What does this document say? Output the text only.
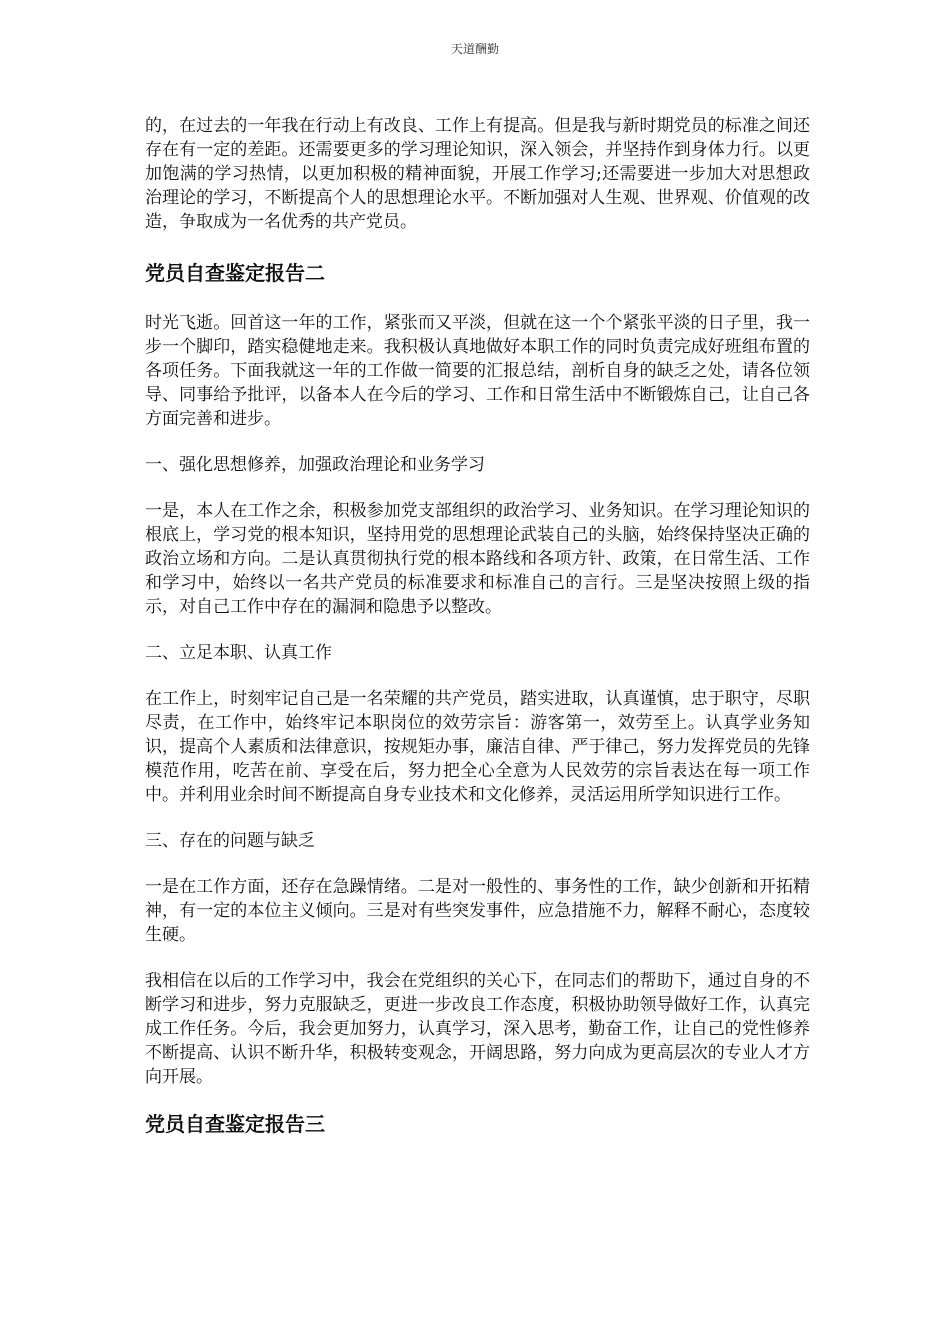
天道酬勤

的，在过去的一年我在行动上有改良、工作上有提高。但是我与新时期党员的标准之间还存在有一定的差距。还需要更多的学习理论知识，深入领会，并坚持作到身体力行。以更加饱满的学习热情，以更加积极的精神面貌，开展工作学习;还需要进一步加大对思想政治理论的学习，不断提高个人的思想理论水平。不断加强对人生观、世界观、价值观的改造，争取成为一名优秀的共产党员。

党员自查鉴定报告二

时光飞逝。回首这一年的工作，紧张而又平淡，但就在这一个个紧张平淡的日子里，我一步一个脚印，踏实稳健地走来。我积极认真地做好本职工作的同时负责完成好班组布置的各项任务。下面我就这一年的工作做一简要的汇报总结，剖析自身的缺乏之处，请各位领导、同事给予批评，以备本人在今后的学习、工作和日常生活中不断锻炼自己，让自己各方面完善和进步。

一、强化思想修养，加强政治理论和业务学习

一是，本人在工作之余，积极参加党支部组织的政治学习、业务知识。在学习理论知识的根底上，学习党的根本知识，坚持用党的思想理论武装自己的头脑，始终保持坚决正确的政治立场和方向。二是认真贯彻执行党的根本路线和各项方针、政策，在日常生活、工作和学习中，始终以一名共产党员的标准要求和标准自己的言行。三是坚决按照上级的指示，对自己工作中存在的漏洞和隐患予以整改。

二、立足本职、认真工作

在工作上，时刻牢记自己是一名荣耀的共产党员，踏实进取，认真谨慎，忠于职守，尽职尽责，在工作中，始终牢记本职岗位的效劳宗旨：游客第一，效劳至上。认真学业务知识，提高个人素质和法律意识，按规矩办事，廉洁自律、严于律己，努力发挥党员的先锋模范作用，吃苦在前、享受在后，努力把全心全意为人民效劳的宗旨表达在每一项工作中。并利用业余时间不断提高自身专业技术和文化修养，灵活运用所学知识进行工作。

三、存在的问题与缺乏

一是在工作方面，还存在急躁情绪。二是对一般性的、事务性的工作，缺少创新和开拓精神，有一定的本位主义倾向。三是对有些突发事件，应急措施不力，解释不耐心，态度较生硬。

我相信在以后的工作学习中，我会在党组织的关心下，在同志们的帮助下，通过自身的不断学习和进步，努力克服缺乏，更进一步改良工作态度，积极协助领导做好工作，认真完成工作任务。今后，我会更加努力，认真学习，深入思考，勤奋工作，让自己的党性修养不断提高、认识不断升华，积极转变观念，开阔思路，努力向成为更高层次的专业人才方向开展。

党员自查鉴定报告三
